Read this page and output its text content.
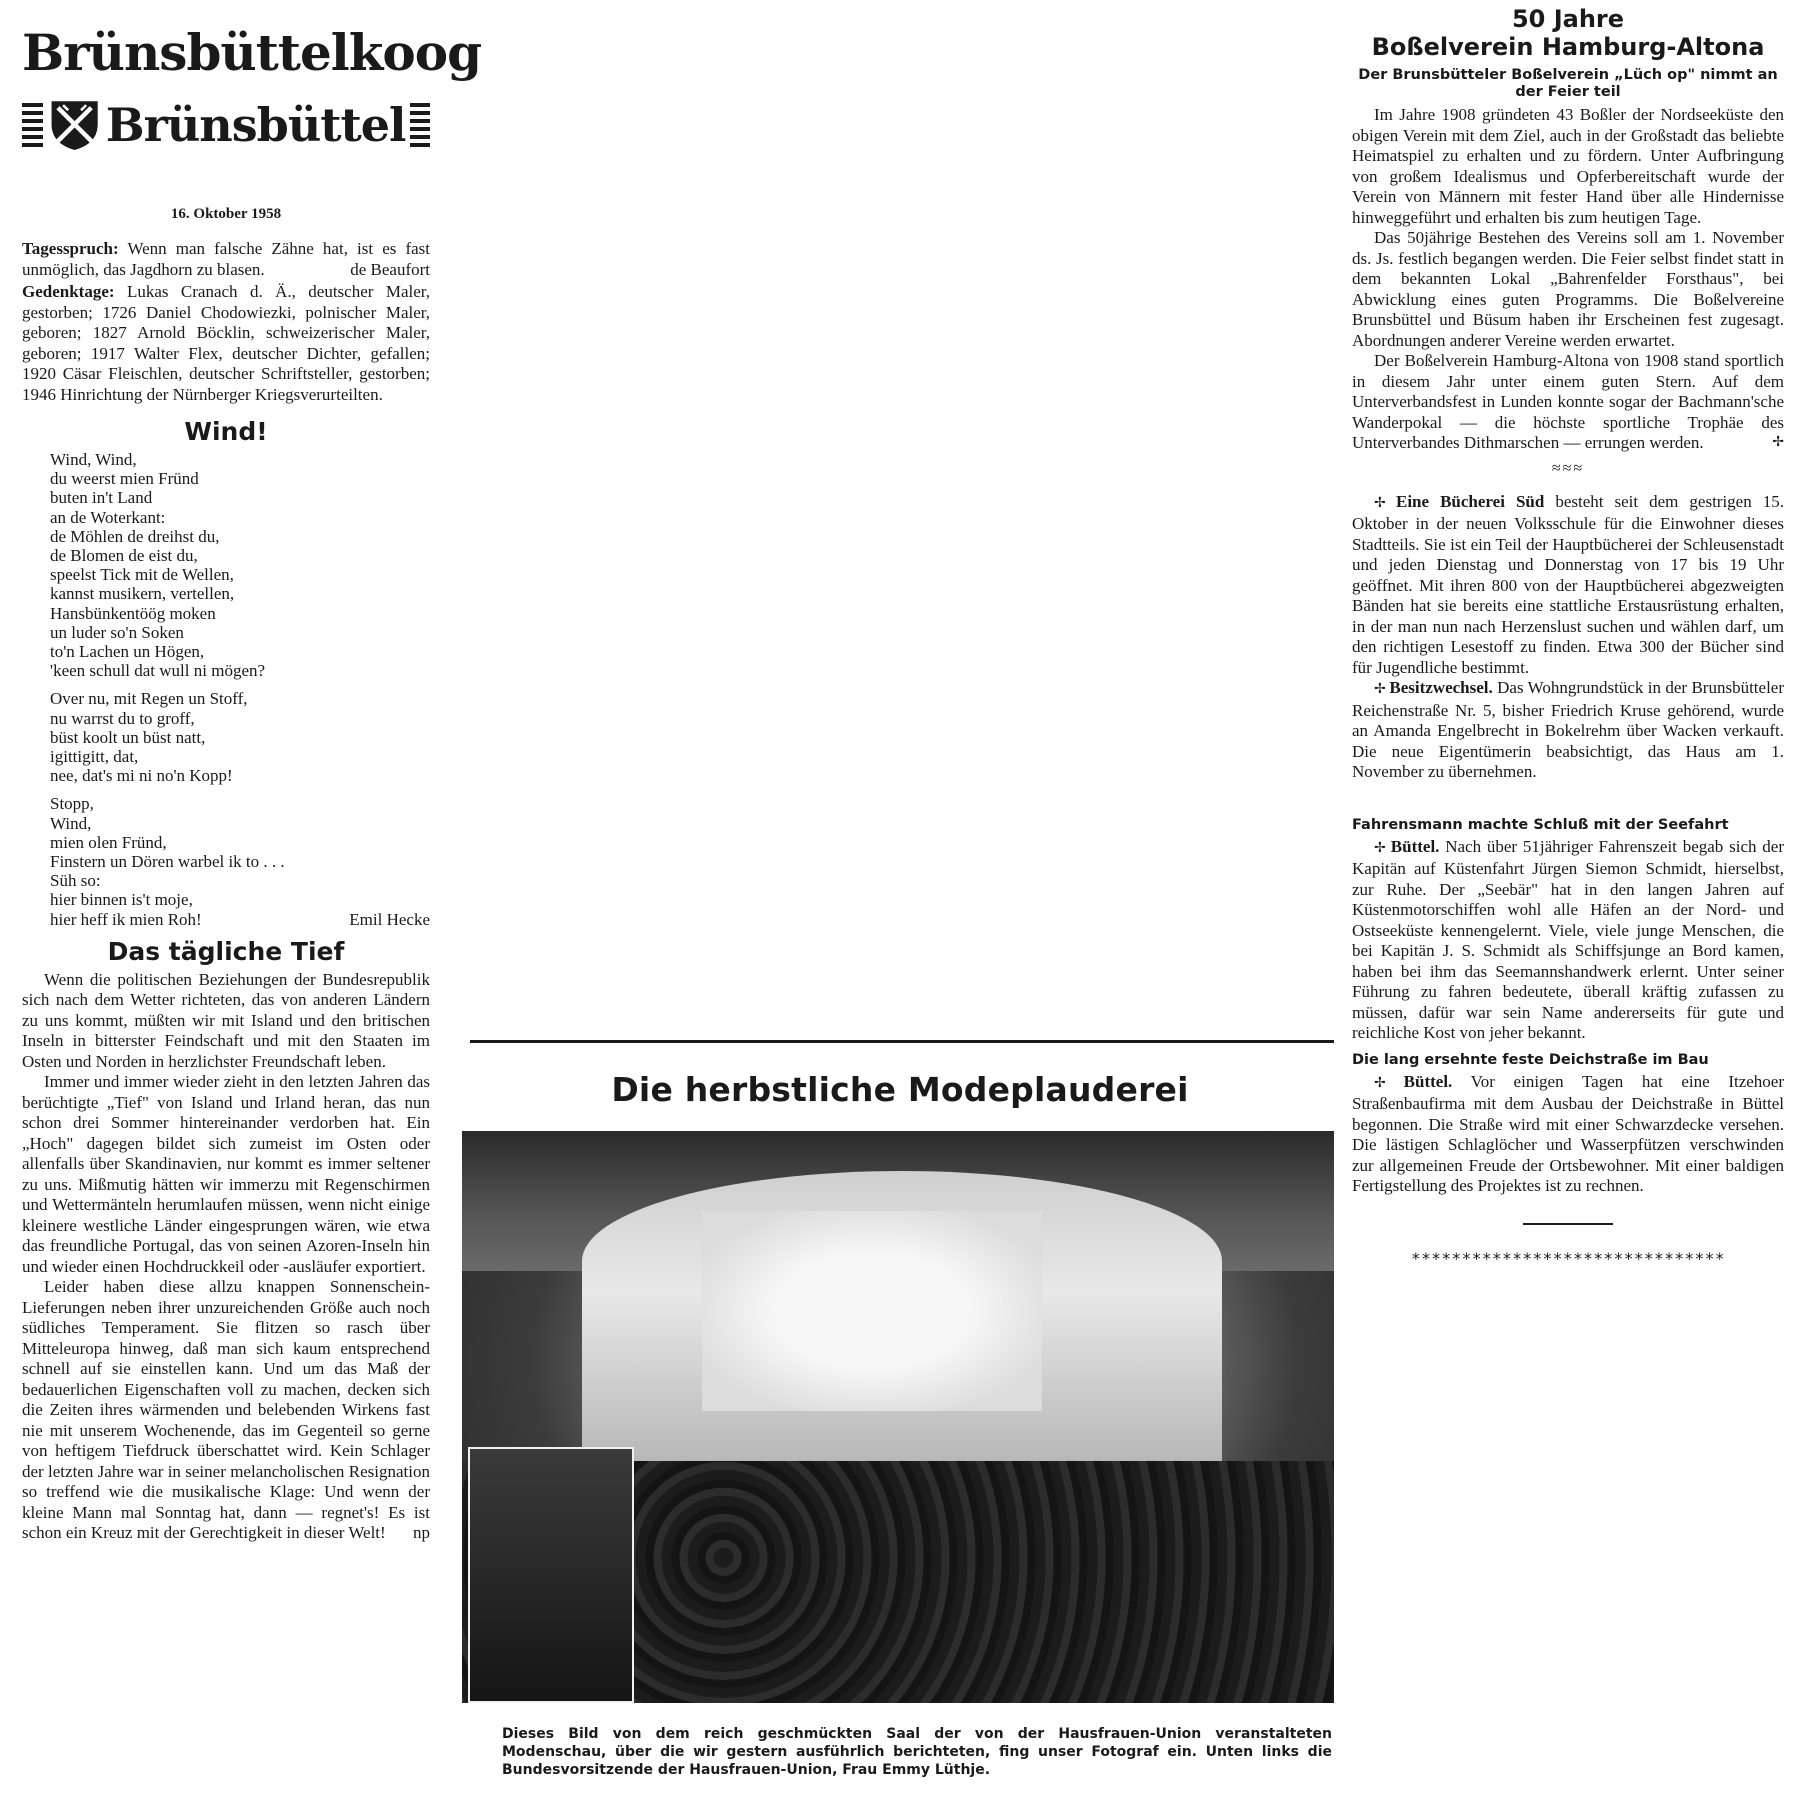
Brünsbüttelkoog
Brünsbüttel
16. Oktober 1958

Tagesspruch: Wenn man falsche Zähne hat, ist es fast unmöglich, das Jagdhorn zu blasen.	de Beaufort

Gedenktage: Lukas Cranach d. Ä., deutscher Maler, gestorben; 1726 Daniel Chodowiezki, polnischer Maler, geboren; 1827 Arnold Böcklin, schweizerischer Maler, geboren; 1917 Walter Flex, deutscher Dichter, gefallen; 1920 Cäsar Fleischlen, deutscher Schriftsteller, gestorben; 1946 Hinrichtung der Nürnberger Kriegsverurteilten.

Wind!
Wind, Wind,
du weerst mien Fründ
buten in't Land
an de Woterkant:
de Möhlen de dreihst du,
de Blomen de eist du,
speelst Tick mit de Wellen,
kannst musikern, vertellen,
Hansbünkentöög moken
un luder so'n Soken
to'n Lachen un Högen,
'keen schull dat wull ni mögen?
Over nu, mit Regen un Stoff,
nu warrst du to groff,
büst koolt un büst natt,
igittigitt, dat,
nee, dat's mi ni no'n Kopp!
Stopp,
Wind,
mien olen Fründ,
Finstern un Dören warbel ik to . . .
Süh so:
hier binnen is't moje,
hier heff ik mien Roh!	Emil Hecke
Das tägliche Tief

Wenn die politischen Beziehungen der Bundesrepublik sich nach dem Wetter richteten, das von anderen Ländern zu uns kommt, müßten wir mit Island und den britischen Inseln in bitterster Feindschaft und mit den Staaten im Osten und Norden in herzlichster Freundschaft leben.

Immer und immer wieder zieht in den letzten Jahren das berüchtigte „Tief" von Island und Irland heran, das nun schon drei Sommer hintereinander verdorben hat. Ein „Hoch" dagegen bildet sich zumeist im Osten oder allenfalls über Skandinavien, nur kommt es immer seltener zu uns. Mißmutig hätten wir immerzu mit Regenschirmen und Wettermänteln herumlaufen müssen, wenn nicht einige kleinere westliche Länder eingesprungen wären, wie etwa das freundliche Portugal, das von seinen Azoren-Inseln hin und wieder einen Hochdruckkeil oder -ausläufer exportiert.

Leider haben diese allzu knappen Sonnenschein-Lieferungen neben ihrer unzureichenden Größe auch noch südliches Temperament. Sie flitzen so rasch über Mitteleuropa hinweg, daß man sich kaum entsprechend schnell auf sie einstellen kann. Und um das Maß der bedauerlichen Eigenschaften voll zu machen, decken sich die Zeiten ihres wärmenden und belebenden Wirkens fast nie mit unserem Wochenende, das im Gegenteil so gerne von heftigem Tiefdruck überschattet wird. Kein Schlager der letzten Jahre war in seiner melancholischen Resignation so treffend wie die musikalische Klage: Und wenn der kleine Mann mal Sonntag hat, dann — regnet's! Es ist schon ein Kreuz mit der Gerechtigkeit in dieser Welt!	np

Die herbstliche Modeplauderei
Dieses Bild von dem reich geschmückten Saal der von der Hausfrauen-Union veranstalteten Modenschau, über die wir gestern ausführlich berichteten, fing unser Fotograf ein. Unten links die Bundesvorsitzende der Hausfrauen-Union, Frau Emmy Lüthje.
50 Jahre
Boßelverein Hamburg-Altona
Der Brunsbütteler Boßelverein „Lüch op" nimmt an der Feier teil

Im Jahre 1908 gründeten 43 Boßler der Nordseeküste den obigen Verein mit dem Ziel, auch in der Großstadt das beliebte Heimatspiel zu erhalten und zu fördern. Unter Aufbringung von großem Idealismus und Opferbereitschaft wurde der Verein von Männern mit fester Hand über alle Hindernisse hinweggeführt und erhalten bis zum heutigen Tage.

Das 50jährige Bestehen des Vereins soll am 1. November ds. Js. festlich begangen werden. Die Feier selbst findet statt in dem bekannten Lokal „Bahrenfelder Forsthaus", bei Abwicklung eines guten Programms. Die Boßelvereine Brunsbüttel und Büsum haben ihr Erscheinen fest zugesagt. Abordnungen anderer Vereine werden erwartet.

Der Boßelverein Hamburg-Altona von 1908 stand sportlich in diesem Jahr unter einem guten Stern. Auf dem Unterverbandsfest in Lunden konnte sogar der Bachmann'sche Wanderpokal — die höchste sportliche Trophäe des Unterverbandes Dithmarschen — errungen werden.	✢

≈≈≈

✢ Eine Bücherei Süd besteht seit dem gestrigen 15. Oktober in der neuen Volksschule für die Einwohner dieses Stadtteils. Sie ist ein Teil der Hauptbücherei der Schleusenstadt und jeden Dienstag und Donnerstag von 17 bis 19 Uhr geöffnet. Mit ihren 800 von der Hauptbücherei abgezweigten Bänden hat sie bereits eine stattliche Erstausrüstung erhalten, in der man nun nach Herzenslust suchen und wählen darf, um den richtigen Lesestoff zu finden. Etwa 300 der Bücher sind für Jugendliche bestimmt.

✢ Besitzwechsel. Das Wohngrundstück in der Brunsbütteler Reichenstraße Nr. 5, bisher Friedrich Kruse gehörend, wurde an Amanda Engelbrecht in Bokelrehm über Wacken verkauft. Die neue Eigentümerin beabsichtigt, das Haus am 1. November zu übernehmen.

Fahrensmann machte Schluß mit der Seefahrt

✢ Büttel. Nach über 51jähriger Fahrenszeit begab sich der Kapitän auf Küstenfahrt Jürgen Siemon Schmidt, hierselbst, zur Ruhe. Der „Seebär" hat in den langen Jahren auf Küstenmotorschiffen wohl alle Häfen an der Nord- und Ostseeküste kennengelernt. Viele, viele junge Menschen, die bei Kapitän J. S. Schmidt als Schiffsjunge an Bord kamen, haben bei ihm das Seemannshandwerk erlernt. Unter seiner Führung zu fahren bedeutete, überall kräftig zufassen zu müssen, dafür war sein Name andererseits für gute und reichliche Kost von jeher bekannt.

Die lang ersehnte feste Deichstraße im Bau

✢ Büttel. Vor einigen Tagen hat eine Itzehoer Straßenbaufirma mit dem Ausbau der Deichstraße in Büttel begonnen. Die Straße wird mit einer Schwarzdecke versehen. Die lästigen Schlaglöcher und Wasserpfützen verschwinden zur allgemeinen Freude der Ortsbewohner. Mit einer baldigen Fertigstellung des Projektes ist zu rechnen.

*******************************
